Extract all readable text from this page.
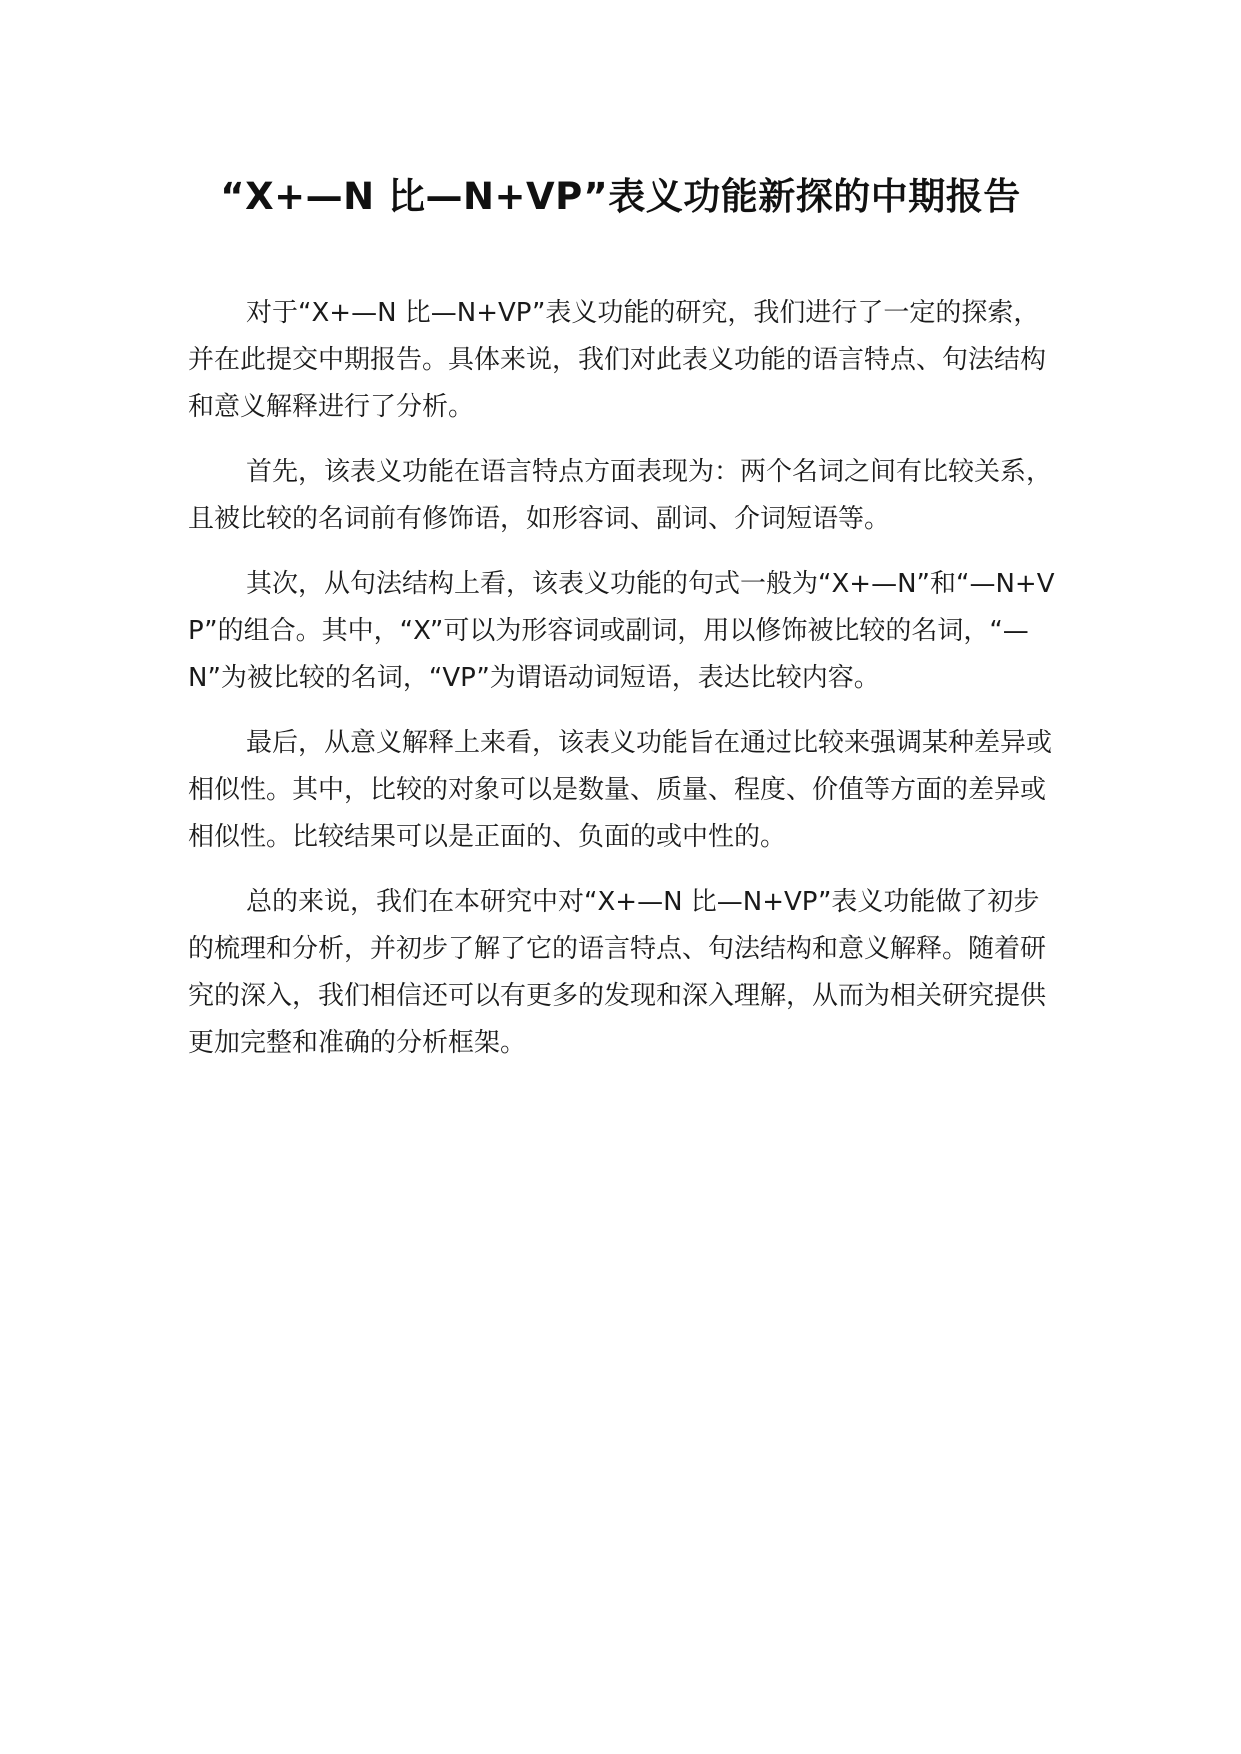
“X+—N 比—N+VP”表义功能新探的中期报告

对于“X+—N 比—N+VP”表义功能的研究，我们进行了一定的探索，并在此提交中期报告。具体来说，我们对此表义功能的语言特点、句法结构和意义解释进行了分析。

首先，该表义功能在语言特点方面表现为：两个名词之间有比较关系，且被比较的名词前有修饰语，如形容词、副词、介词短语等。

其次，从句法结构上看，该表义功能的句式一般为“X+—N”和“—N+VP”的组合。其中，“X”可以为形容词或副词，用以修饰被比较的名词，“—N”为被比较的名词，“VP”为谓语动词短语，表达比较内容。

最后，从意义解释上来看，该表义功能旨在通过比较来强调某种差异或相似性。其中，比较的对象可以是数量、质量、程度、价值等方面的差异或相似性。比较结果可以是正面的、负面的或中性的。

总的来说，我们在本研究中对“X+—N 比—N+VP”表义功能做了初步的梳理和分析，并初步了解了它的语言特点、句法结构和意义解释。随着研究的深入，我们相信还可以有更多的发现和深入理解，从而为相关研究提供更加完整和准确的分析框架。
